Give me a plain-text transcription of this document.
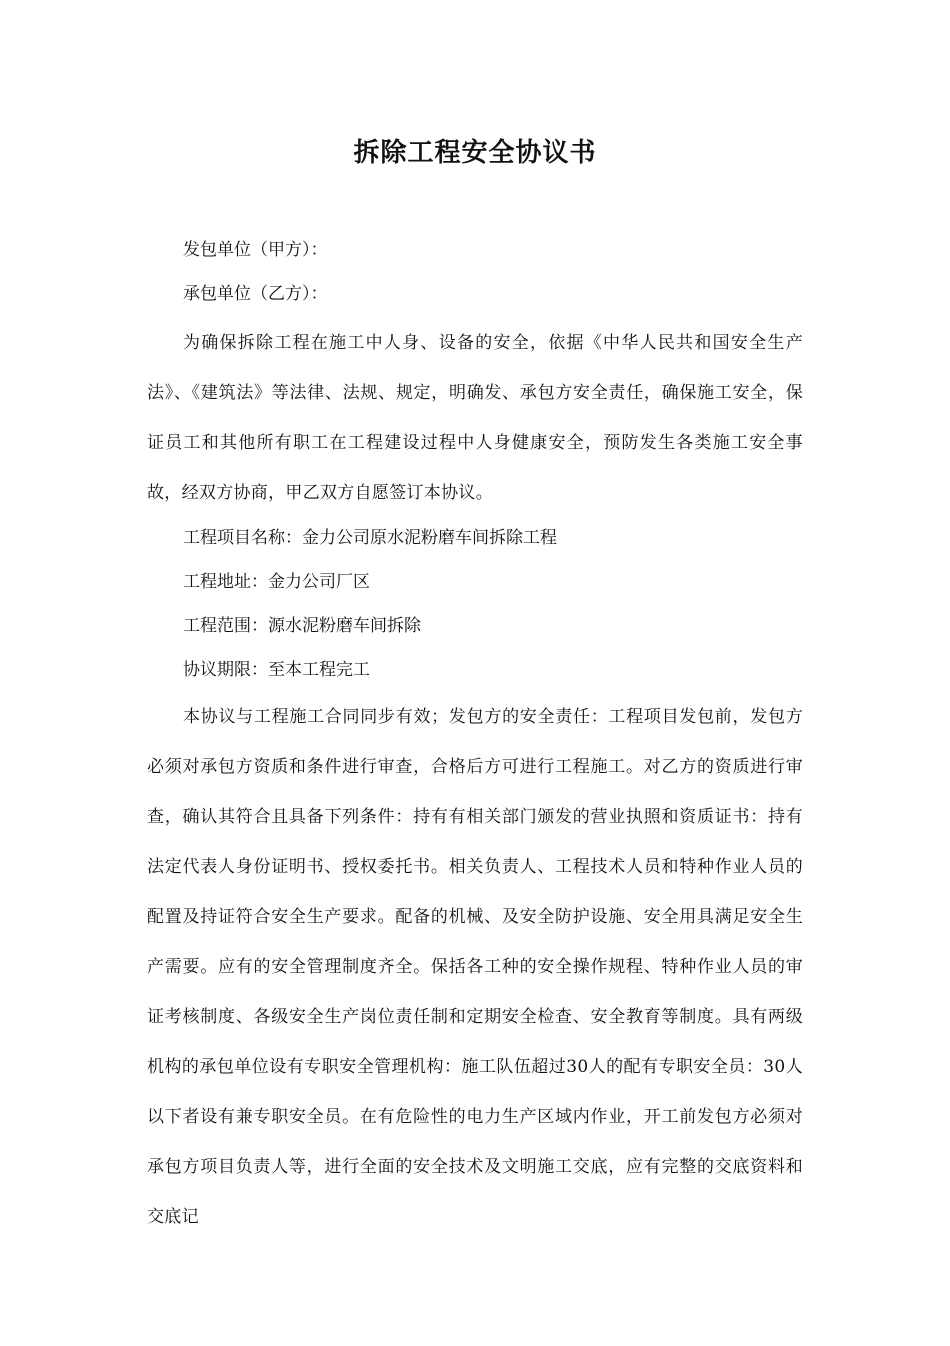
拆除工程安全协议书

发包单位（甲方）：

承包单位（乙方）：

为确保拆除工程在施工中人身、设备的安全，依据《中华人民共和国安全生产法》、《建筑法》等法律、法规、规定，明确发、承包方安全责任，确保施工安全，保证员工和其他所有职工在工程建设过程中人身健康安全，预防发生各类施工安全事故，经双方协商，甲乙双方自愿签订本协议。

工程项目名称：金力公司原水泥粉磨车间拆除工程

工程地址：金力公司厂区

工程范围：源水泥粉磨车间拆除

协议期限：至本工程完工

本协议与工程施工合同同步有效；发包方的安全责任：工程项目发包前，发包方必须对承包方资质和条件进行审查，合格后方可进行工程施工。对乙方的资质进行审查，确认其符合且具备下列条件：持有有相关部门颁发的营业执照和资质证书：持有法定代表人身份证明书、授权委托书。相关负责人、工程技术人员和特种作业人员的配置及持证符合安全生产要求。配备的机械、及安全防护设施、安全用具满足安全生产需要。应有的安全管理制度齐全。保括各工种的安全操作规程、特种作业人员的审证考核制度、各级安全生产岗位责任制和定期安全检查、安全教育等制度。具有两级机构的承包单位设有专职安全管理机构：施工队伍超过30人的配有专职安全员：30人以下者设有兼专职安全员。在有危险性的电力生产区域内作业，开工前发包方必须对承包方项目负责人等，进行全面的安全技术及文明施工交底，应有完整的交底资料和交底记
